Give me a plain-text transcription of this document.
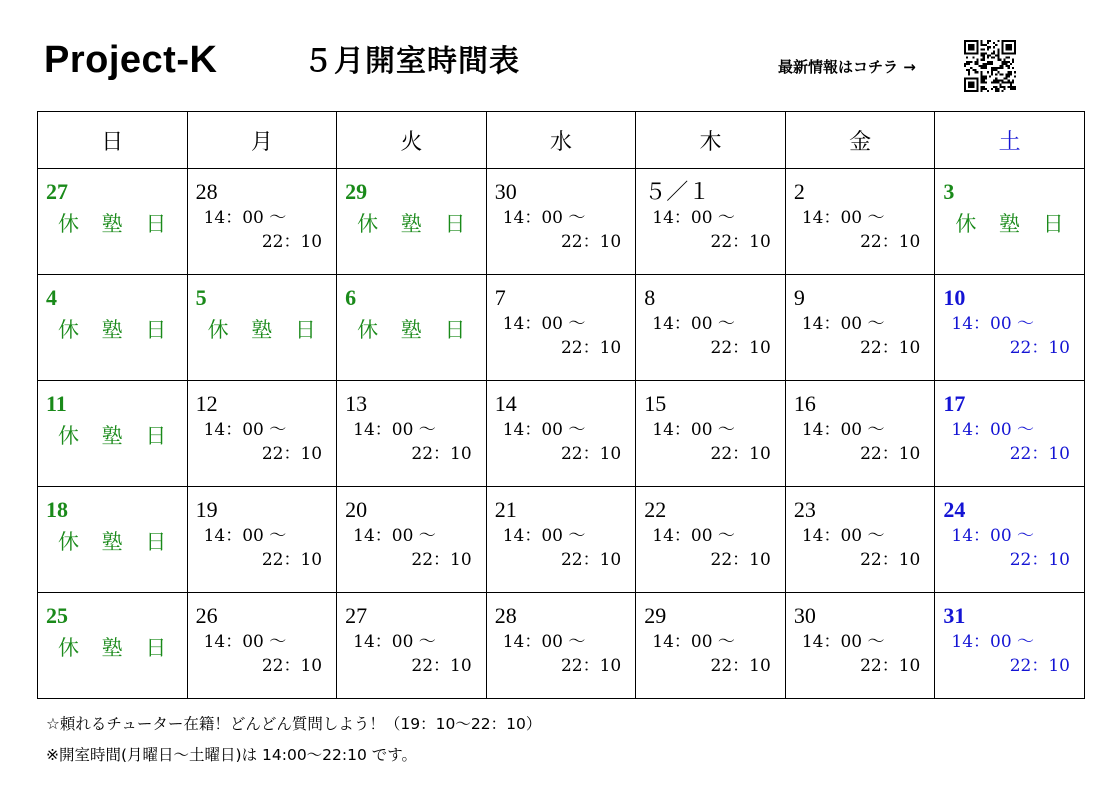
Project-K	５月開室時間表	最新情報はコチラ →
日	月	火	水	木	金	土

27
休 塾 日	28
14：00 ～
22：10	29
休 塾 日	30
14：00 ～
22：10	５／１
14：00 ～
22：10	2
14：00 ～
22：10	3
休 塾 日

4
休 塾 日	5
休 塾 日	6
休 塾 日	7
14：00 ～
22：10	8
14：00 ～
22：10	9
14：00 ～
22：10	10
14：00 ～
22：10

11
休 塾 日	12
14：00 ～
22：10	13
14：00 ～
22：10	14
14：00 ～
22：10	15
14：00 ～
22：10	16
14：00 ～
22：10	17
14：00 ～
22：10

18
休 塾 日	19
14：00 ～
22：10	20
14：00 ～
22：10	21
14：00 ～
22：10	22
14：00 ～
22：10	23
14：00 ～
22：10	24
14：00 ～
22：10

25
休 塾 日	26
14：00 ～
22：10	27
14：00 ～
22：10	28
14：00 ～
22：10	29
14：00 ～
22：10	30
14：00 ～
22：10	31
14：00 ～
22：10
☆頼れるチューター在籍！どんどん質問しよう！（19：10～22：10）
※開室時間(月曜日～土曜日)は 14:00～22:10 です。
